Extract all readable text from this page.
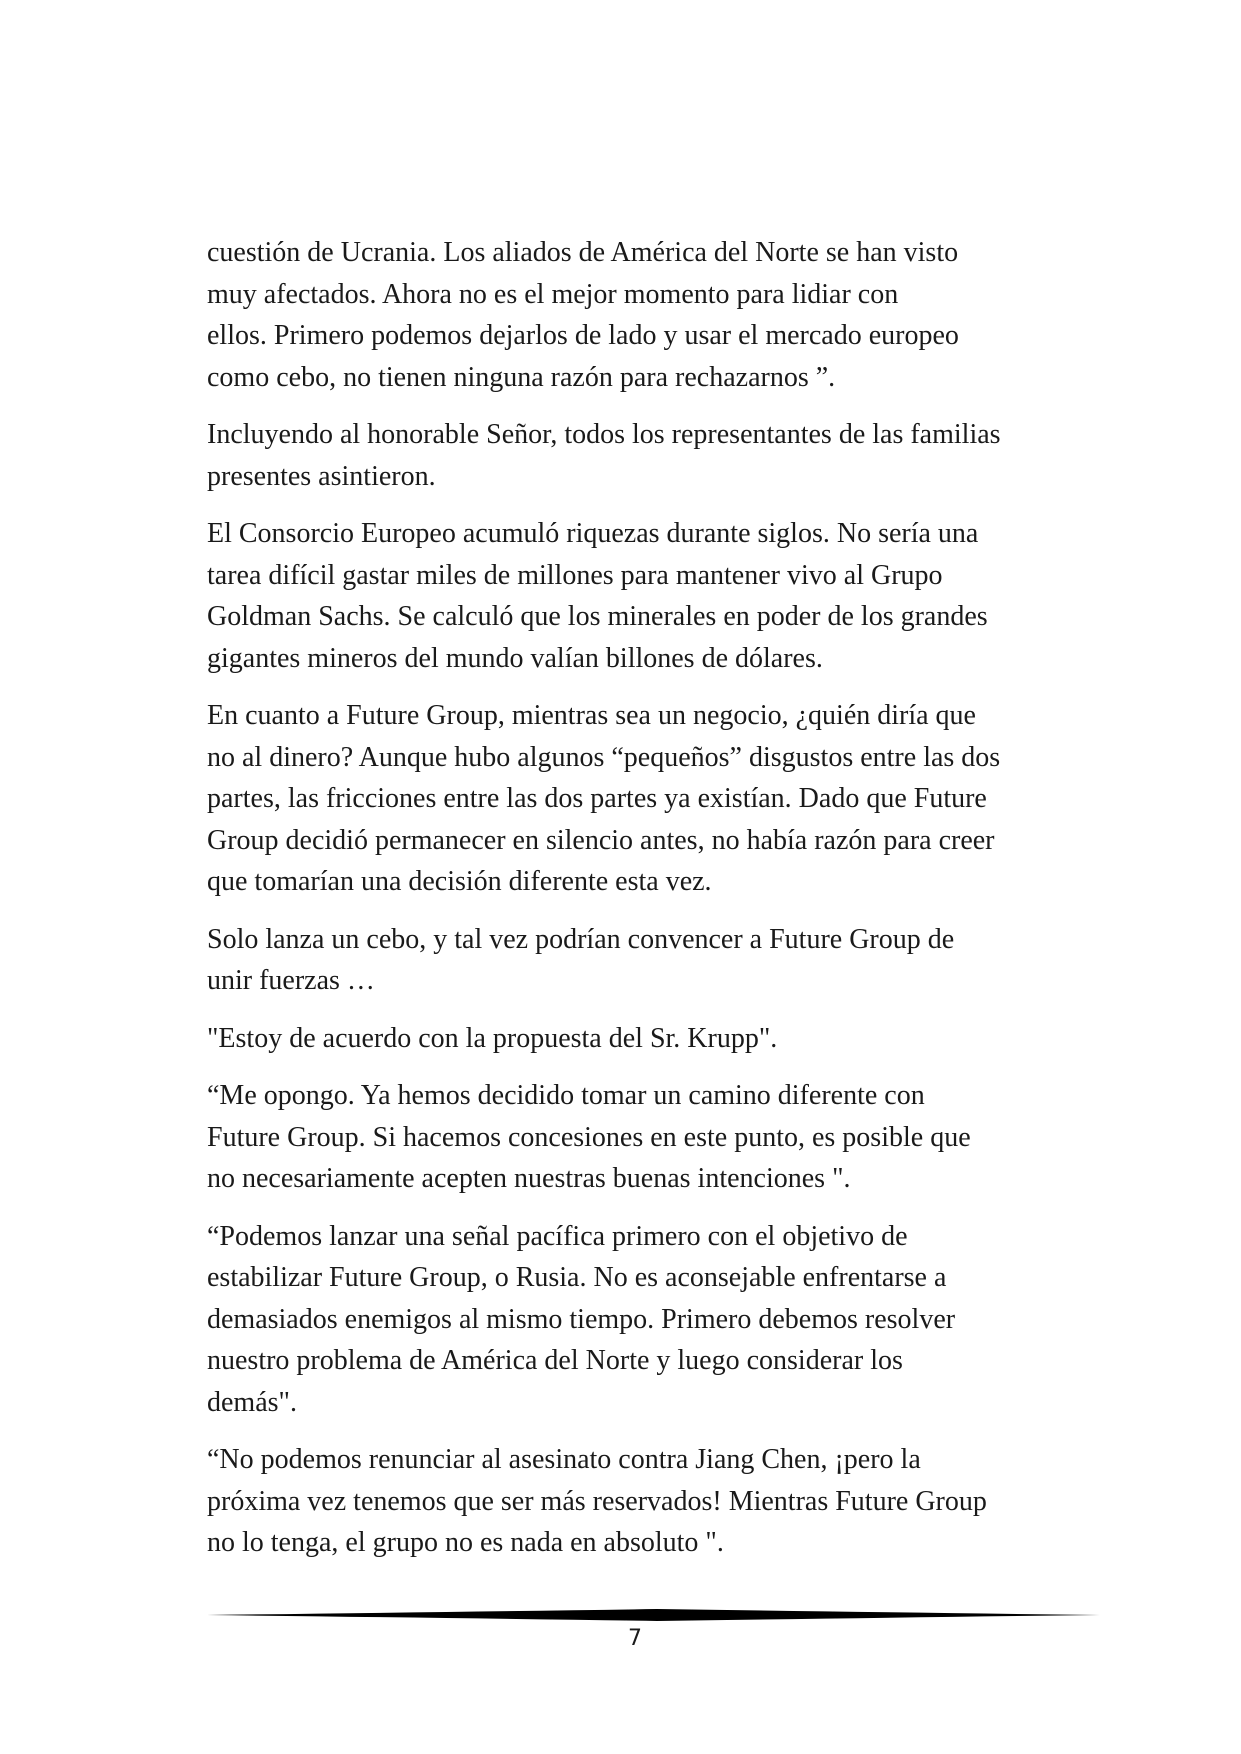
cuestión de Ucrania. Los aliados de América del Norte se han visto
muy afectados. Ahora no es el mejor momento para lidiar con
ellos. Primero podemos dejarlos de lado y usar el mercado europeo
como cebo, no tienen ninguna razón para rechazarnos ”.

Incluyendo al honorable Señor, todos los representantes de las familias
presentes asintieron.

El Consorcio Europeo acumuló riquezas durante siglos. No sería una
tarea difícil gastar miles de millones para mantener vivo al Grupo
Goldman Sachs. Se calculó que los minerales en poder de los grandes
gigantes mineros del mundo valían billones de dólares.

En cuanto a Future Group, mientras sea un negocio, ¿quién diría que
no al dinero? Aunque hubo algunos “pequeños” disgustos entre las dos
partes, las fricciones entre las dos partes ya existían. Dado que Future
Group decidió permanecer en silencio antes, no había razón para creer
que tomarían una decisión diferente esta vez.

Solo lanza un cebo, y tal vez podrían convencer a Future Group de
unir fuerzas …

"Estoy de acuerdo con la propuesta del Sr. Krupp".

“Me opongo. Ya hemos decidido tomar un camino diferente con
Future Group. Si hacemos concesiones en este punto, es posible que
no necesariamente acepten nuestras buenas intenciones ".

“Podemos lanzar una señal pacífica primero con el objetivo de
estabilizar Future Group, o Rusia. No es aconsejable enfrentarse a
demasiados enemigos al mismo tiempo. Primero debemos resolver
nuestro problema de América del Norte y luego considerar los
demás".

“No podemos renunciar al asesinato contra Jiang Chen, ¡pero la
próxima vez tenemos que ser más reservados! Mientras Future Group
no lo tenga, el grupo no es nada en absoluto ".

7
